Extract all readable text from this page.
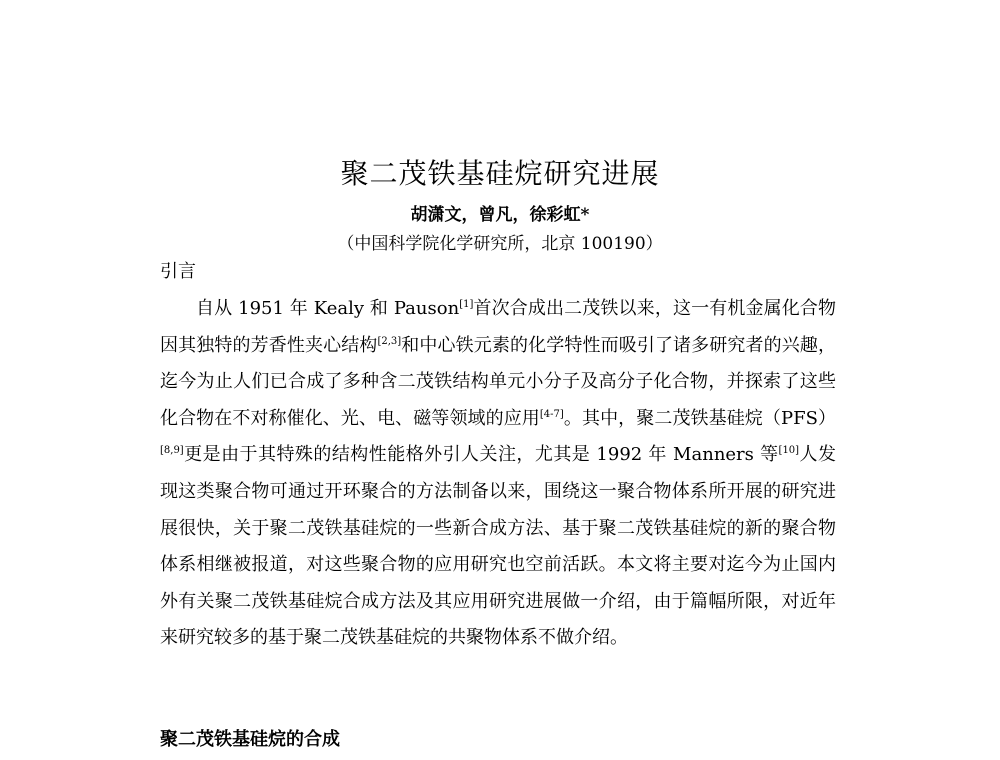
聚二茂铁基硅烷研究进展
胡潇文，曾凡，徐彩虹*
（中国科学院化学研究所，北京 100190）
引言

自从 1951 年 Kealy 和 Pauson[1]首次合成出二茂铁以来，这一有机金属化合物因其独特的芳香性夹心结构[2,3]和中心铁元素的化学特性而吸引了诸多研究者的兴趣，迄今为止人们已合成了多种含二茂铁结构单元小分子及高分子化合物，并探索了这些化合物在不对称催化、光、电、磁等领域的应用[4-7]。其中，聚二茂铁基硅烷（PFS）[8,9]更是由于其特殊的结构性能格外引人关注，尤其是 1992 年 Manners 等[10]人发现这类聚合物可通过开环聚合的方法制备以来，围绕这一聚合物体系所开展的研究进展很快，关于聚二茂铁基硅烷的一些新合成方法、基于聚二茂铁基硅烷的新的聚合物体系相继被报道，对这些聚合物的应用研究也空前活跃。本文将主要对迄今为止国内外有关聚二茂铁基硅烷合成方法及其应用研究进展做一介绍，由于篇幅所限，对近年来研究较多的基于聚二茂铁基硅烷的共聚物体系不做介绍。

聚二茂铁基硅烷的合成
